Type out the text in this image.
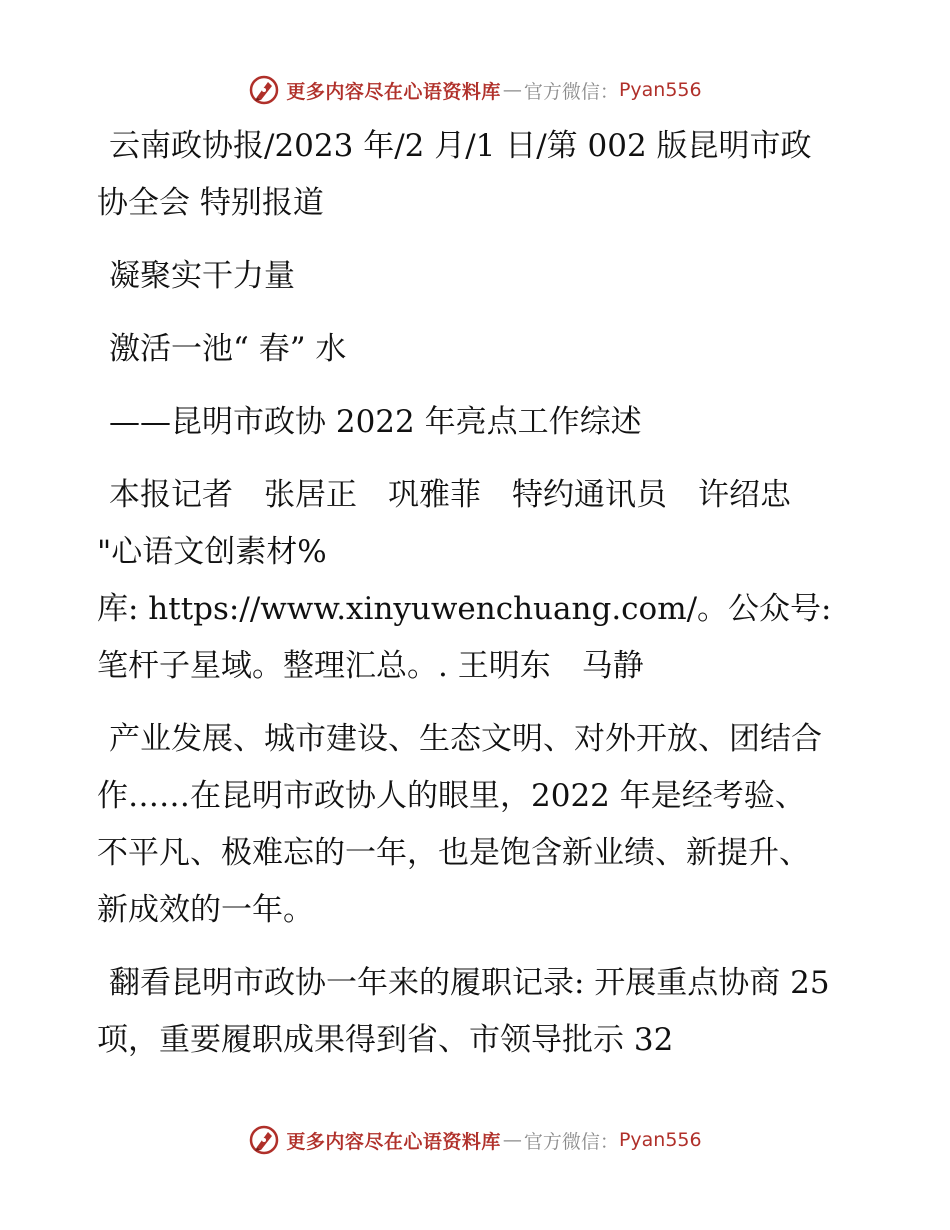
更多内容尽在心语资料库 — 官方微信： Pyan556
云南政协报/2023 年/2 月/1 日/第 002 版昆明市政协全会 特别报道
凝聚实干力量
激活一池“ 春” 水
——昆明市政协 2022 年亮点工作综述
本报记者　张居正　巩雅菲　特约通讯员　许绍忠 "心语文创素材%
库: https://www.xinyuwenchuang.com/。公众号: 笔杆子星域。整理汇总。. 王明东　马静
产业发展、城市建设、生态文明、对外开放、团结合作……在昆明市政协人的眼里，2022 年是经考验、不平凡、极难忘的一年，也是饱含新业绩、新提升、新成效的一年。
翻看昆明市政协一年来的履职记录: 开展重点协商 25 项，重要履职成果得到省、市领导批示 32
更多内容尽在心语资料库 — 官方微信： Pyan556
